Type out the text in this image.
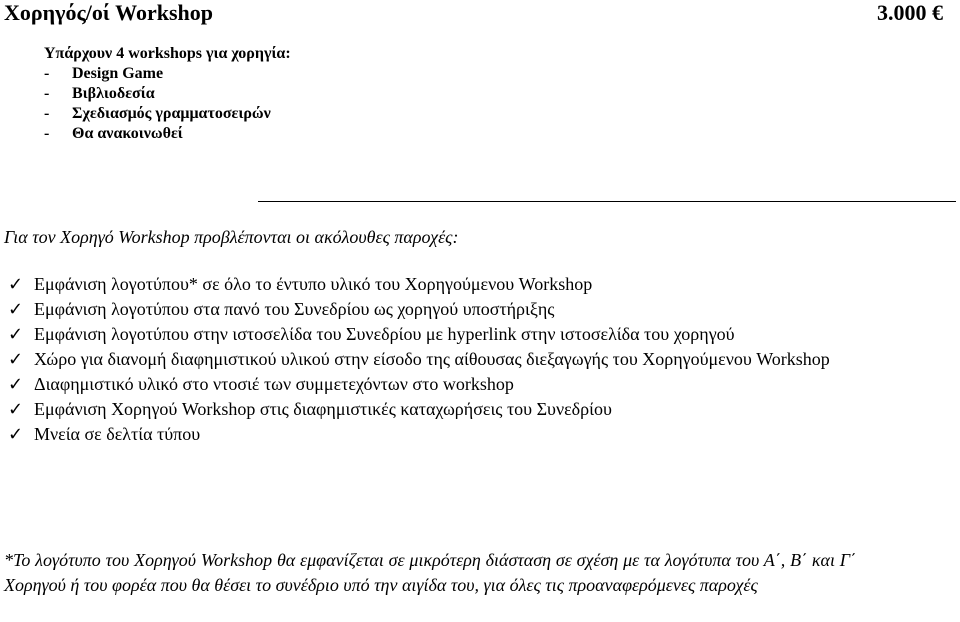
Χορηγός/οί Workshop	3.000 €
Υπάρχουν 4 workshops για χορηγία:
- Design Game
- Βιβλιοδεσία
- Σχεδιασμός γραμματοσειρών
- Θα ανακοινωθεί
Για τον Χορηγό Workshop προβλέπονται οι ακόλουθες παροχές:
✓ Εμφάνιση λογοτύπου* σε όλο το έντυπο υλικό του Χορηγούμενου Workshop
✓ Εμφάνιση λογοτύπου στα πανό του Συνεδρίου ως χορηγού υποστήριξης
✓ Εμφάνιση λογοτύπου στην ιστοσελίδα του Συνεδρίου με hyperlink στην ιστοσελίδα του χορηγού
✓ Χώρο για διανομή διαφημιστικού υλικού στην είσοδο της αίθουσας διεξαγωγής του Χορηγούμενου Workshop
✓ Διαφημιστικό υλικό στο ντοσιέ των συμμετεχόντων στο workshop
✓ Εμφάνιση Χορηγού Workshop στις διαφημιστικές καταχωρήσεις του Συνεδρίου
✓ Μνεία σε δελτία τύπου
*Το λογότυπο του Χορηγού Workshop θα εμφανίζεται σε μικρότερη διάσταση σε σχέση με τα λογότυπα του Α΄, Β΄ και Γ΄ Χορηγού ή του φορέα που θα θέσει το συνέδριο υπό την αιγίδα του, για όλες τις προαναφερόμενες παροχές
